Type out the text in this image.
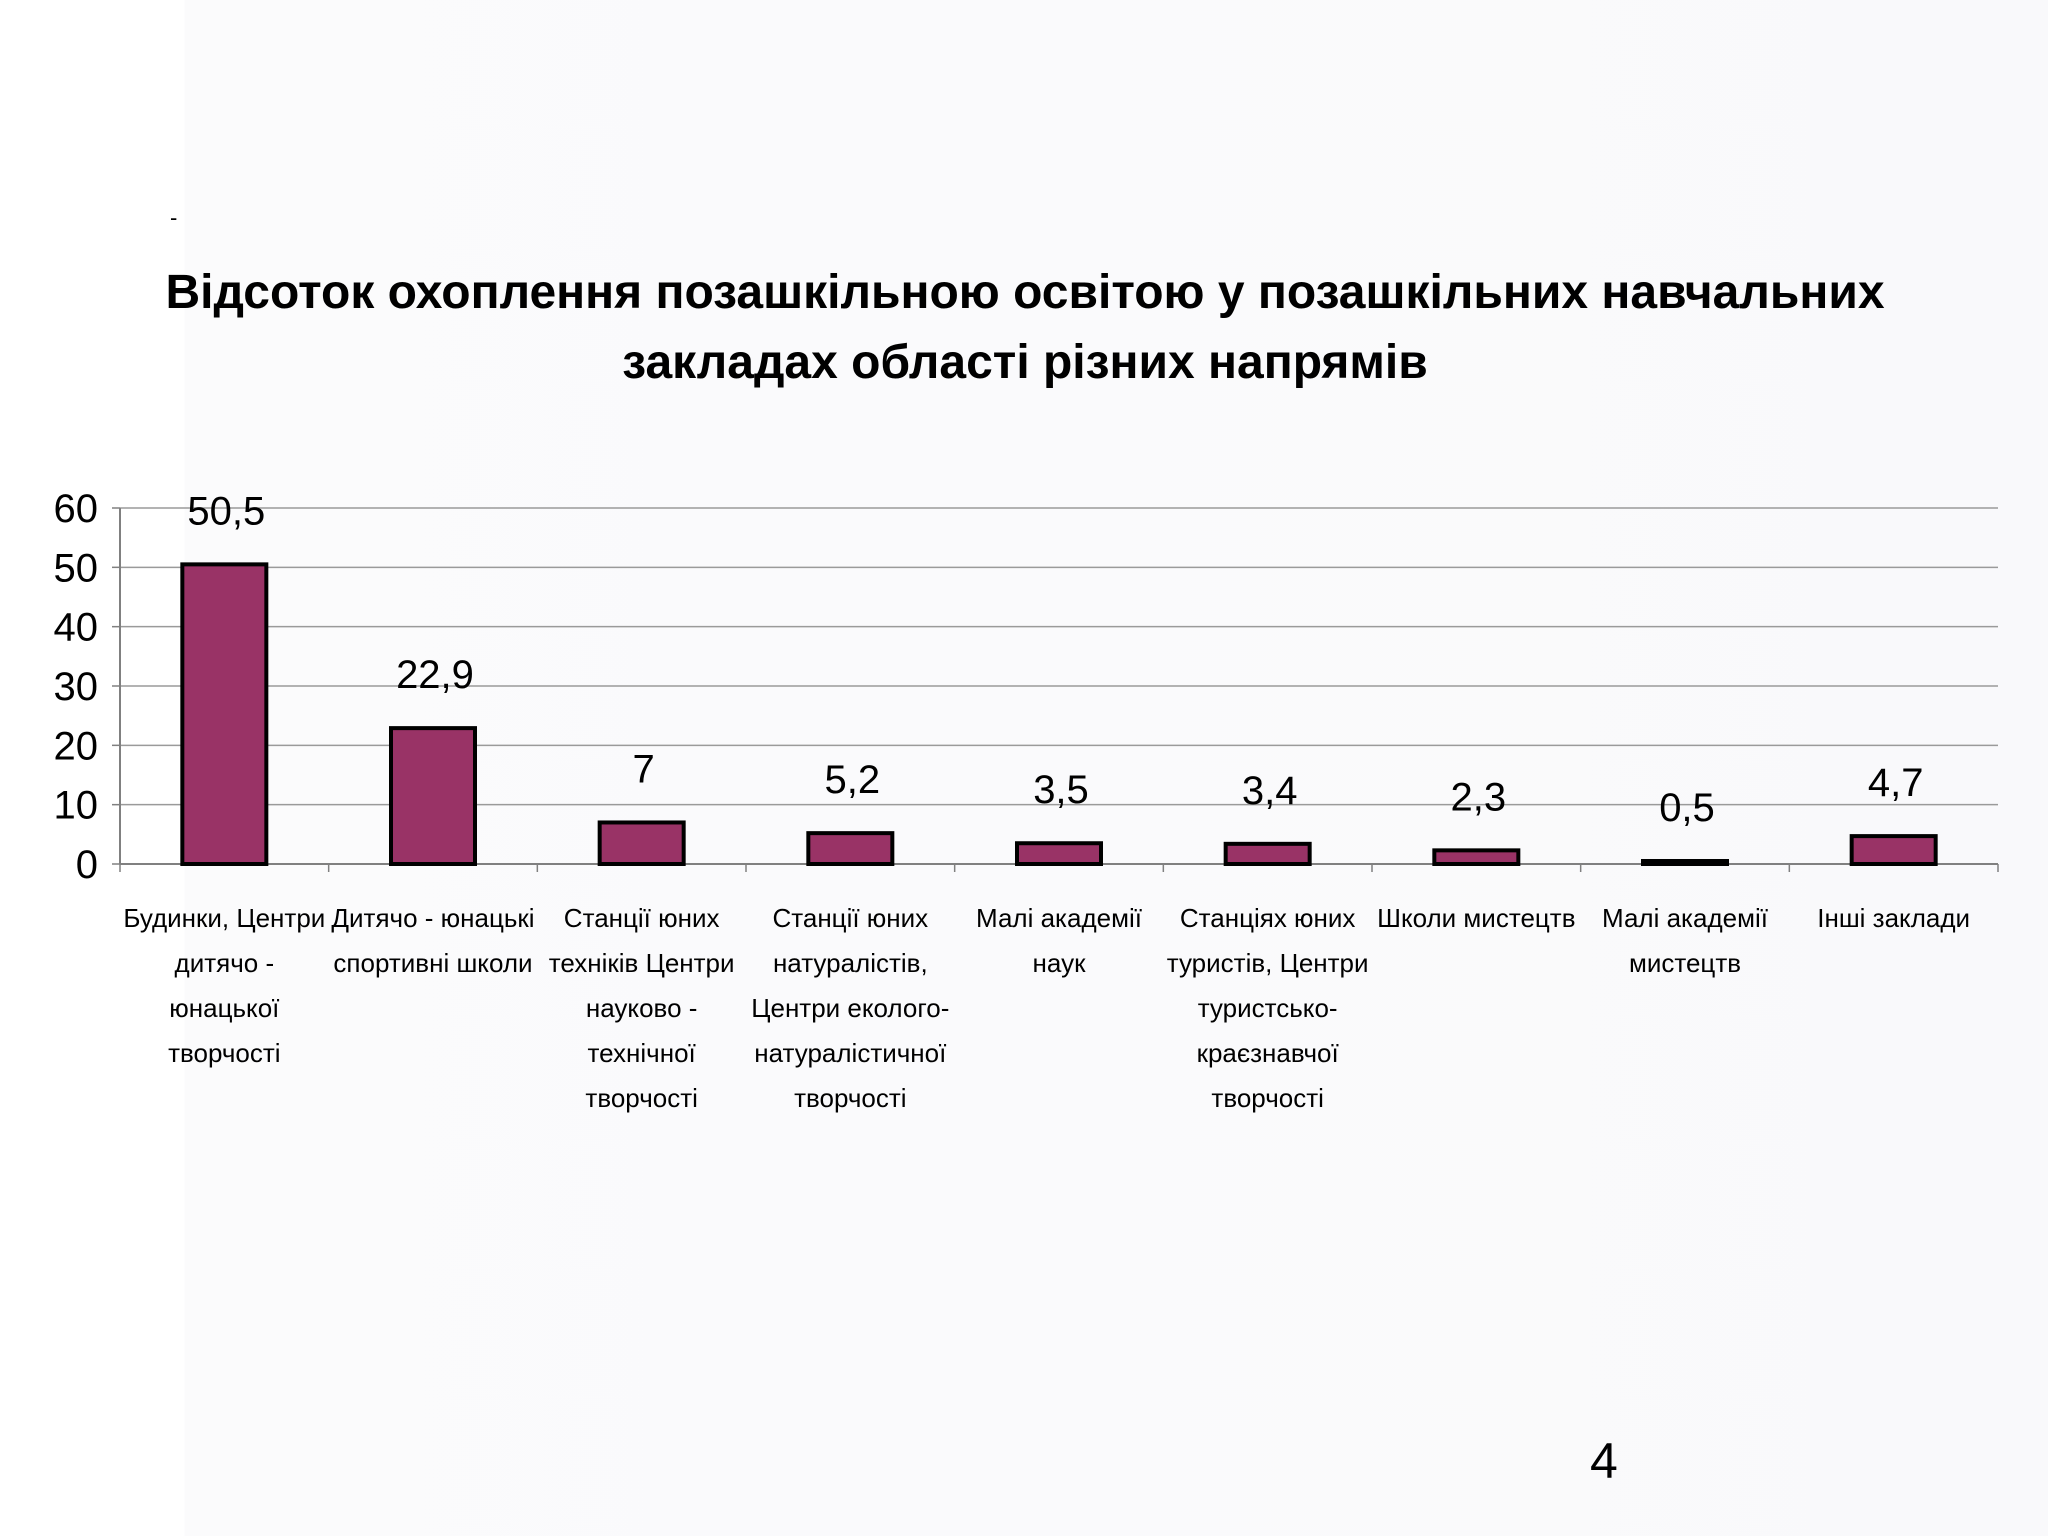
-
Відсоток охоплення позашкільною освітою у позашкільних навчальних закладах області різних напрямів
0
10
20
30
40
50
60 50,5
22,9
7	5,2	3,5	3,4	2,3	0,5
4,7
Будинки, Центри дитячо - юнацької творчості
Дитячо - юнацькі спортивні школи
Станції юних техніків Центри науково - технічної творчості
Станції юних натуралістів, Центри еколого-натуралістичної творчості
Малі академії наук
Станціях юних туристів, Центри туристсько-краєзнавчої творчості
Школи мистецтв	Малі академії мистецтв
Інші заклади
4
